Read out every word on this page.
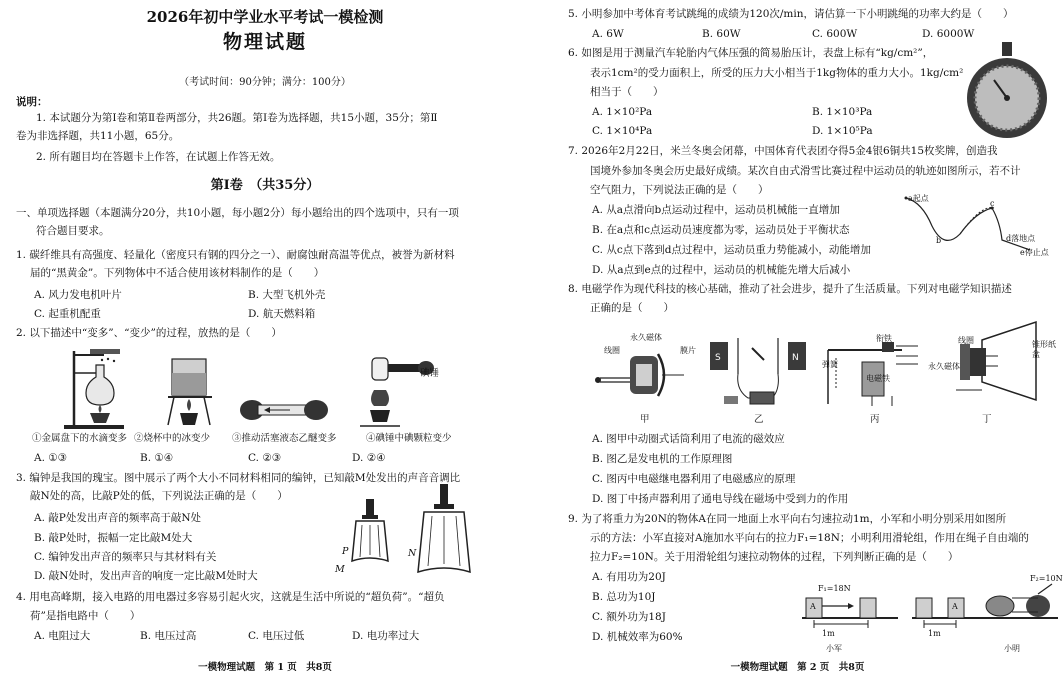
2026年初中学业水平考试一模检测
物理试题
（考试时间：90分钟；满分：100分）
说明：
1. 本试题分为第Ⅰ卷和第Ⅱ卷两部分，共26题。第Ⅰ卷为选择题，共15小题，35分；第Ⅱ
卷为非选择题，共11小题，65分。
2. 所有题目均在答题卡上作答，在试题上作答无效。
第Ⅰ卷　（共35分）
一、单项选择题（本题满分20分，共10小题，每小题2分）每小题给出的四个选项中，只有一项
符合题目要求。
1. 碳纤维具有高强度、轻量化（密度只有钢的四分之一）、耐腐蚀耐高温等优点，被誉为新材料
届的“黑黄金”。下列物体中不适合使用该材料制作的是（　　）
A. 风力发电机叶片	B. 大型飞机外壳
C. 起重机配重	D. 航天燃料箱
2. 以下描述中“变多”、“变少”的过程，放热的是（　　）
碘锤
①金属盘下的水滴变多 ②烧杯中的冰变少 ③推动活塞液态乙醚变多	④碘锤中碘颗粒变少
A. ①③	B. ①④	C. ②③	D. ②④
3. 编钟是我国的瑰宝。图中展示了两个大小不同材料相同的编钟，已知敲M处发出的声音音调比
敲N处的高，比敲P处的低，下列说法正确的是（　　）
A. 敲P处发出声音的频率高于敲N处
B. 敲P处时，振幅一定比敲M处大
C. 编钟发出声音的频率只与其材料有关
D. 敲N处时，发出声音的响度一定比敲M处时大
P
M
N
4. 用电高峰期，接入电路的用电器过多容易引起火灾，这就是生活中所说的“超负荷”。“超负
荷”是指电路中（　　）
A. 电阻过大	B. 电压过高	C. 电压过低	D. 电功率过大
一模物理试题　第 1 页　共8页
5. 小明参加中考体育考试跳绳的成绩为120次/min，请估算一下小明跳绳的功率大约是（　　）
A. 6W	B. 60W	C. 600W	D. 6000W
6. 如图是用于测量汽车轮胎内气体压强的简易胎压计，表盘上标有“kg/cm²”，
表示1cm²的受力面积上，所受的压力大小相当于1kg物体的重力大小。1kg/cm²
相当于（　　）
A. 1×10²Pa	B. 1×10³Pa
C. 1×10⁴Pa	D. 1×10⁵Pa
7. 2026年2月22日，米兰冬奥会闭幕，中国体育代表团夺得5金4银6铜共15枚奖牌，创造我
国境外参加冬奥会历史最好成绩。某次自由式滑雪比赛过程中运动员的轨迹如图所示，若不计
空气阻力，下列说法正确的是（　　）
A. 从a点滑向b点运动过程中，运动员机械能一直增加
B. 在a点和c点运动员速度都为零，运动员处于平衡状态
C. 从c点下落到d点过程中，运动员重力势能减小，动能增加
D. 从a点到e点的过程中，运动员的机械能先增大后减小
a起点
b
c
d落地点
e停止点
8. 电磁学作为现代科技的核心基础，推动了社会进步，提升了生活质量。下列对电磁学知识描述
正确的是（　　）
永久磁体
线圈	膜片
甲
S	N
乙
衔铁
弹簧
电磁铁
丙
线圈	锥形纸盆
永久磁体
丁
A. 图甲中动圈式话筒利用了电流的磁效应
B. 图乙是发电机的工作原理图
C. 图丙中电磁继电器利用了电磁感应的原理
D. 图丁中扬声器利用了通电导线在磁场中受到力的作用
9. 为了将重力为20N的物体A在同一地面上水平向右匀速拉动1m，小军和小明分别采用如图所
示的方法：小军直接对A施加水平向右的拉力F₁=18N；小明利用滑轮组，作用在绳子自由端的
拉力F₂=10N。关于用滑轮组匀速拉动物体的过程，下列判断正确的是（　　）
A. 有用功为20J
B. 总功为10J
C. 额外功为18J
D. 机械效率为60%
F₁=18N
A
1m
小军
F₂=10N
A
1m
小明
一模物理试题　第 2 页　共8页
